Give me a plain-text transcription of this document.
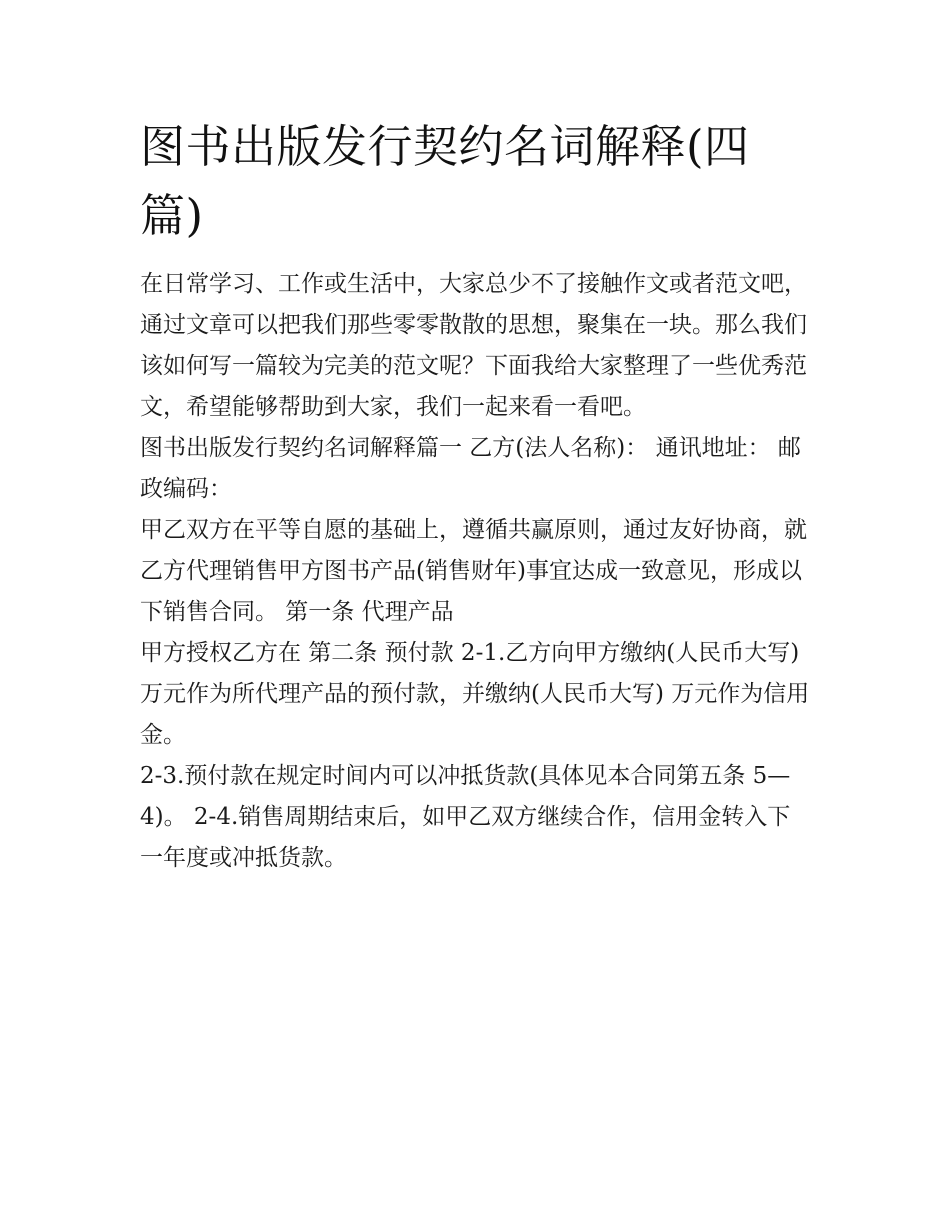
图书出版发行契约名词解释(四篇)

在日常学习、工作或生活中，大家总少不了接触作文或者范文吧，通过文章可以把我们那些零零散散的思想，聚集在一块。那么我们该如何写一篇较为完美的范文呢？下面我给大家整理了一些优秀范文，希望能够帮助到大家，我们一起来看一看吧。

图书出版发行契约名词解释篇一 乙方(法人名称)： 通讯地址： 邮政编码：

甲乙双方在平等自愿的基础上，遵循共赢原则，通过友好协商，就乙方代理销售甲方图书产品(销售财年)事宜达成一致意见，形成以下销售合同。 第一条 代理产品

甲方授权乙方在 第二条 预付款 2-1.乙方向甲方缴纳(人民币大写) 万元作为所代理产品的预付款，并缴纳(人民币大写) 万元作为信用金。

2-3.预付款在规定时间内可以冲抵货款(具体见本合同第五条 5—4)。 2-4.销售周期结束后，如甲乙双方继续合作，信用金转入下一年度或冲抵货款。
